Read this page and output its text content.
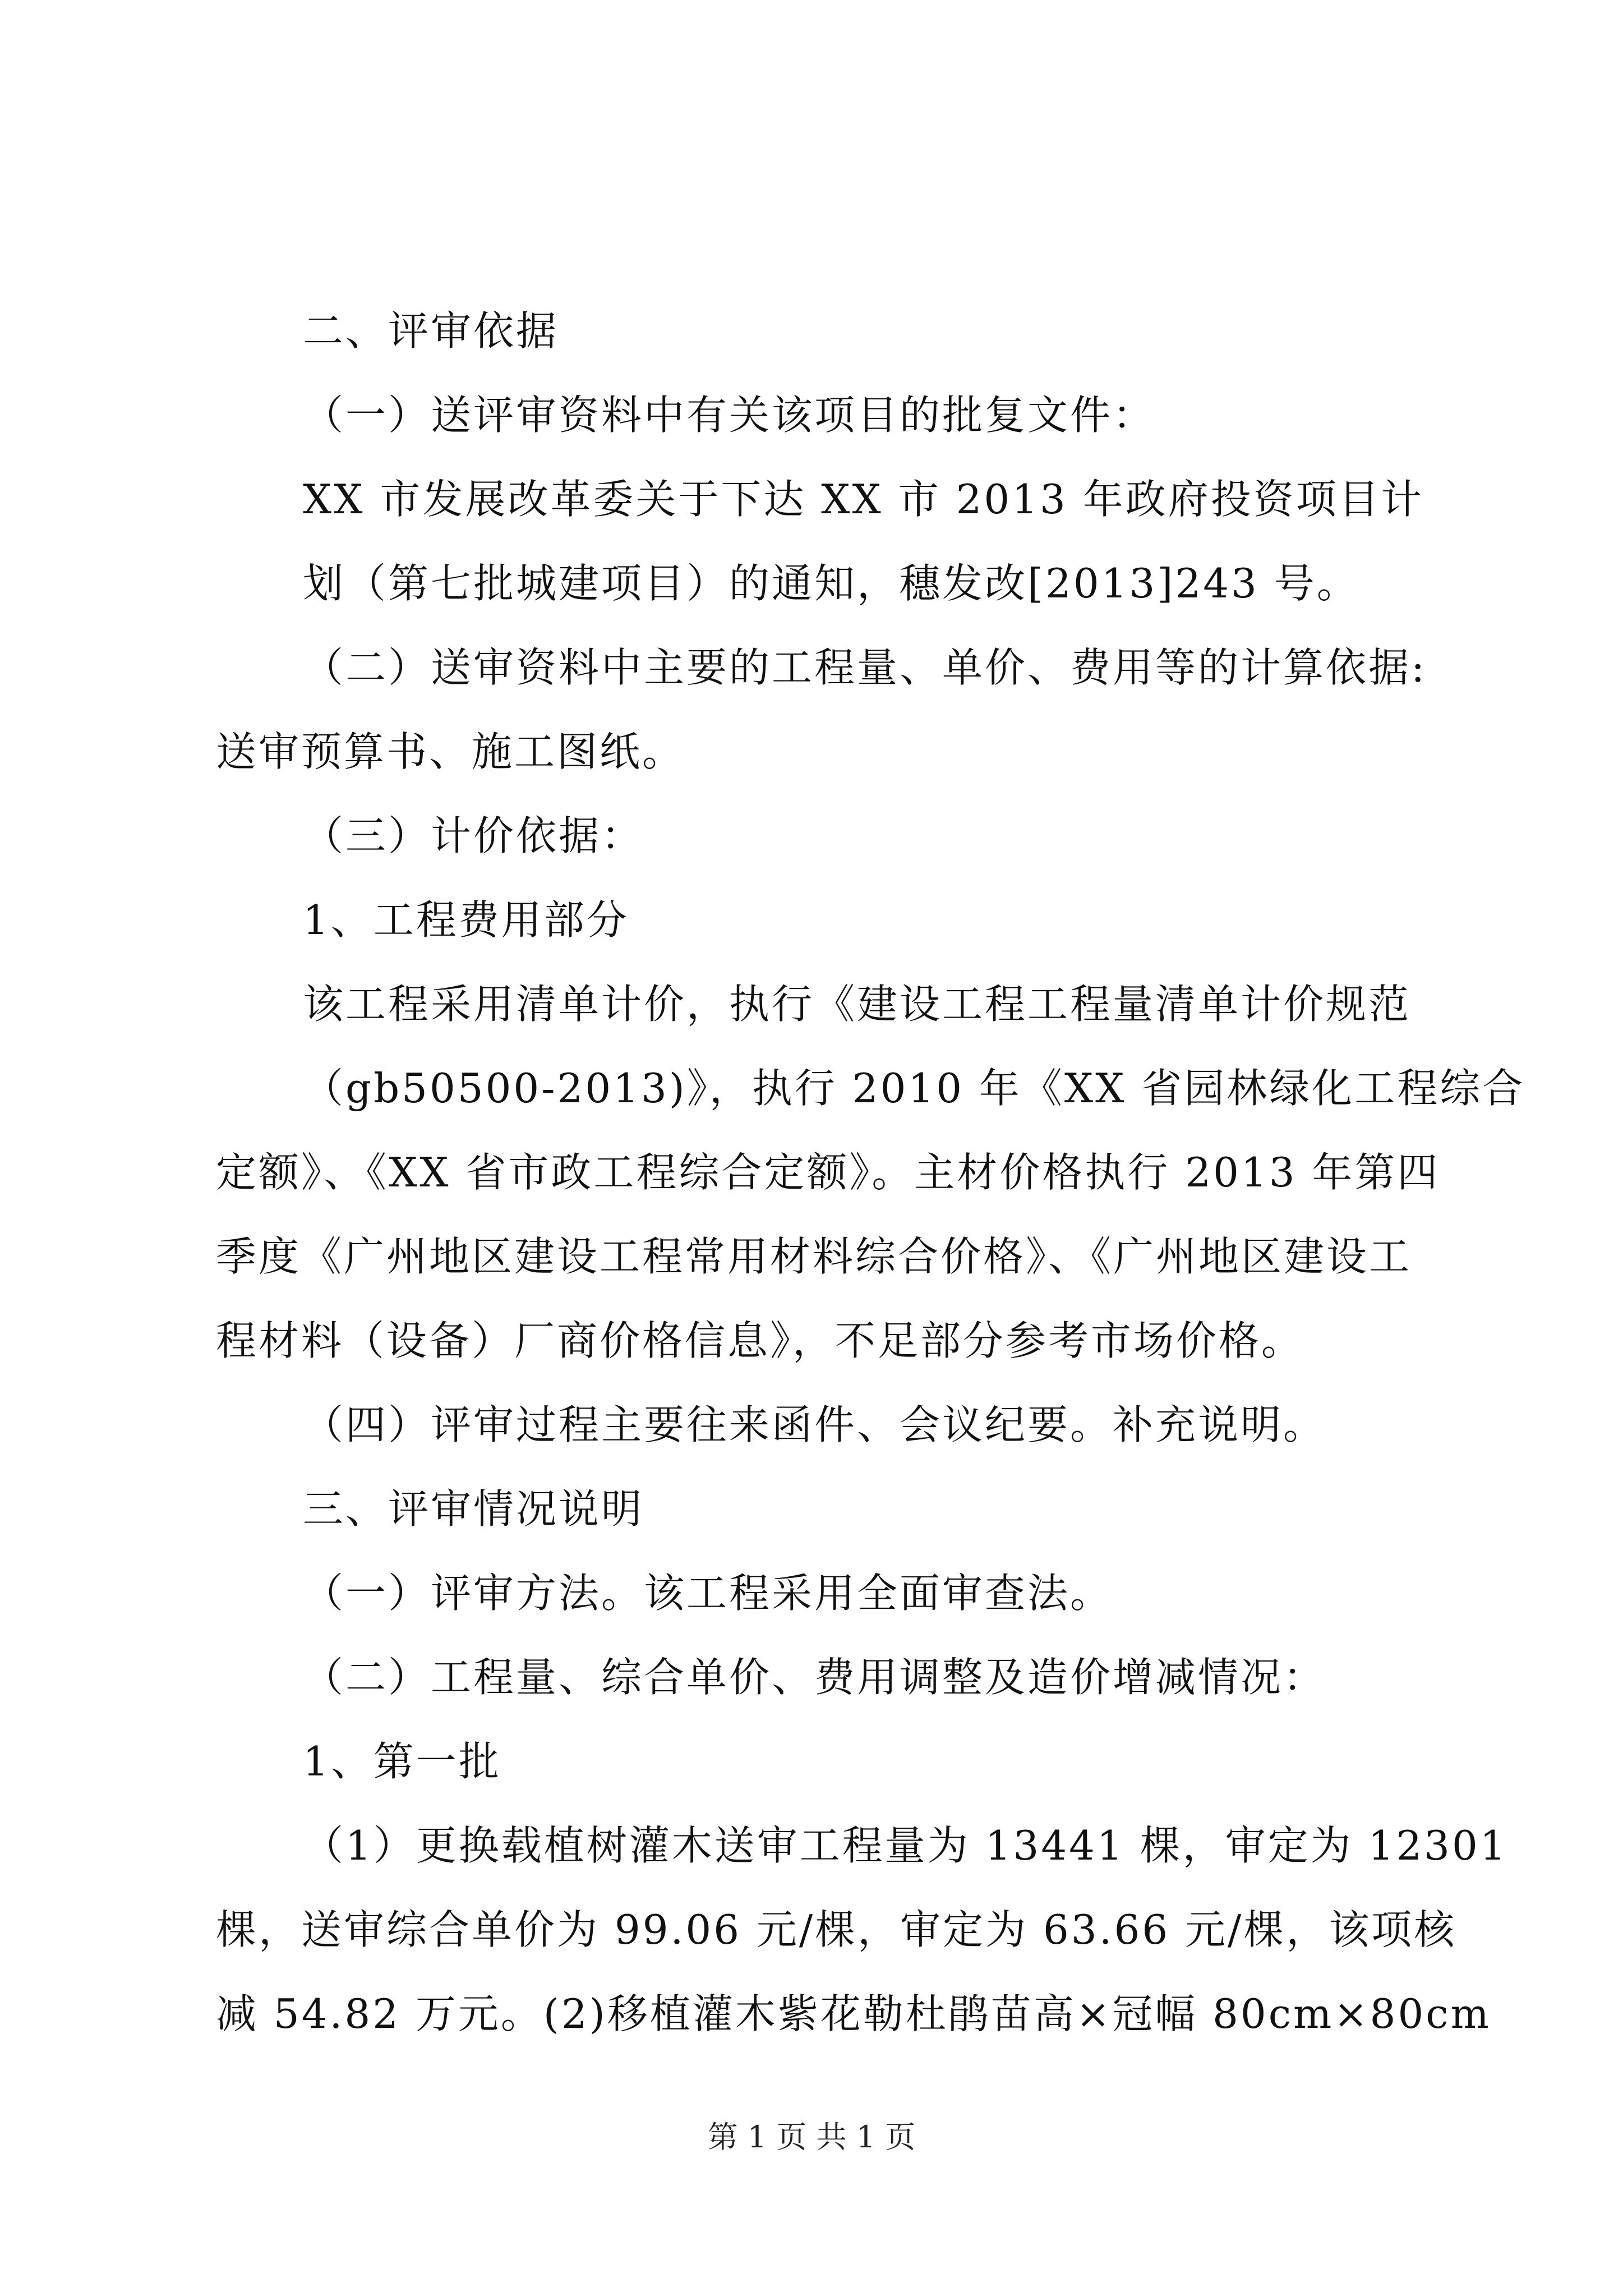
二、评审依据
（一）送评审资料中有关该项目的批复文件：
XX 市发展改革委关于下达 XX 市 2013 年政府投资项目计
划（第七批城建项目）的通知，穗发改[2013]243 号。
（二）送审资料中主要的工程量、单价、费用等的计算依据:
送审预算书、施工图纸。
（三）计价依据：
1、工程费用部分
该工程采用清单计价，执行《建设工程工程量清单计价规范
（gb50500-2013)》，执行 2010 年《XX 省园林绿化工程综合
定额》、《XX 省市政工程综合定额》。主材价格执行 2013 年第四
季度《广州地区建设工程常用材料综合价格》、《广州地区建设工
程材料（设备）厂商价格信息》，不足部分参考市场价格。
（四）评审过程主要往来函件、会议纪要。补充说明。
三、评审情况说明
（一）评审方法。该工程采用全面审查法。
（二）工程量、综合单价、费用调整及造价增减情况：
1、第一批
（1）更换载植树灌木送审工程量为 13441 棵，审定为 12301
棵，送审综合单价为 99.06 元/棵，审定为 63.66 元/棵，该项核
减 54.82 万元。(2)移植灌木紫花勒杜鹃苗高×冠幅 80cm×80cm
第 1 页 共 1 页
